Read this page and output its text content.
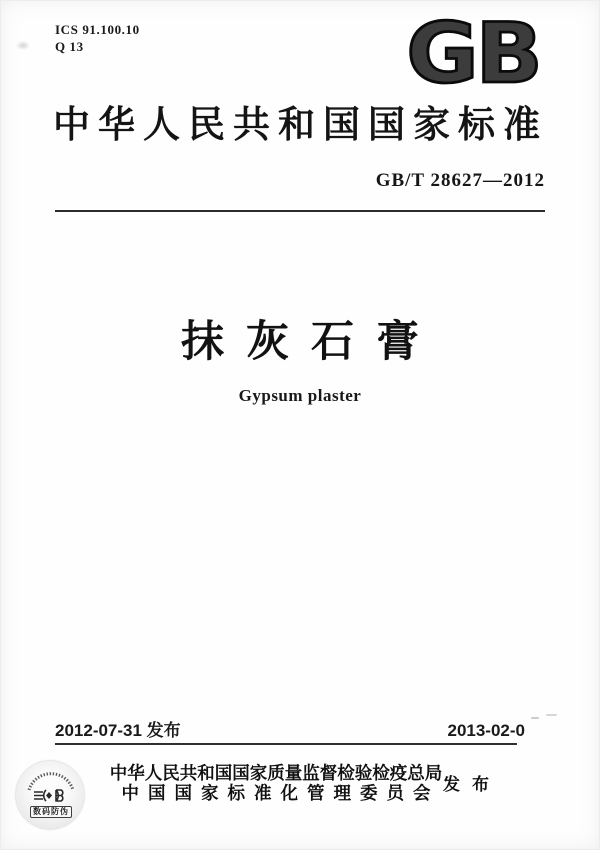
ICS 91.100.10
Q 13	GB
中华人民共和国国家标准
GB/T 28627—2012
抹灰石膏
Gypsum plaster
2012-07-31 发布	2013-02-0
中华人民共和国国家质量监督检验检疫总局
中国国家标准化管理委员会 发布
数码防伪
